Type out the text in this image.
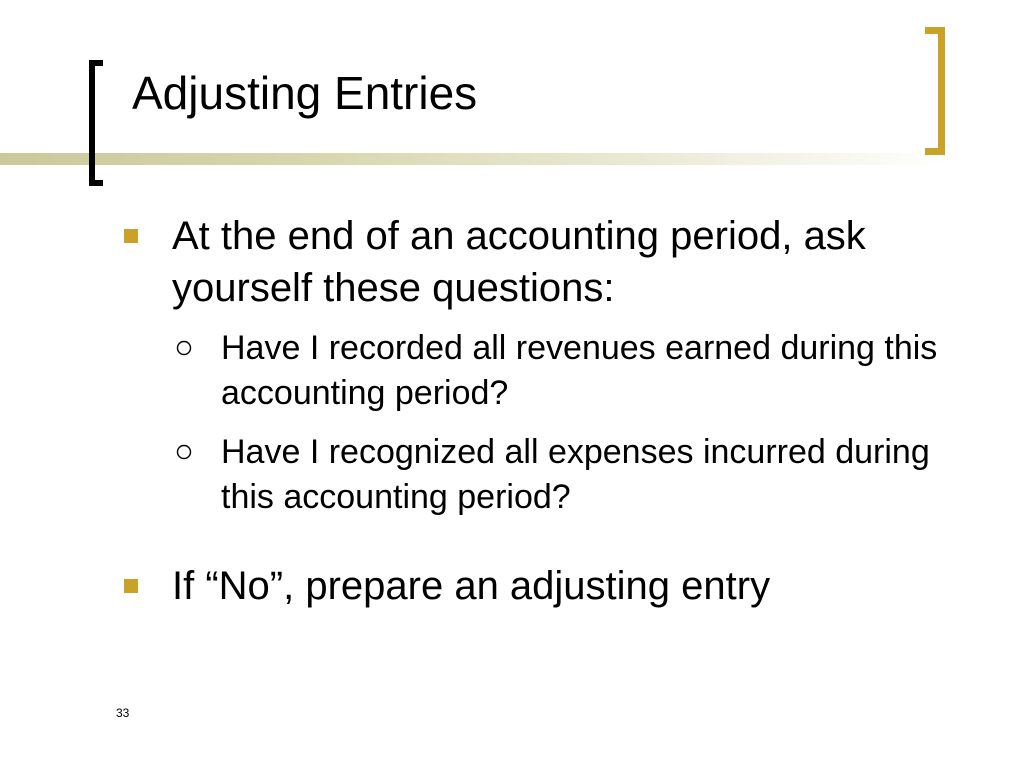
Adjusting Entries
At the end of an accounting period, ask yourself these questions:
Have I recorded all revenues earned during this accounting period?
Have I recognized all expenses incurred during this accounting period?
If “No”, prepare an adjusting entry
33
